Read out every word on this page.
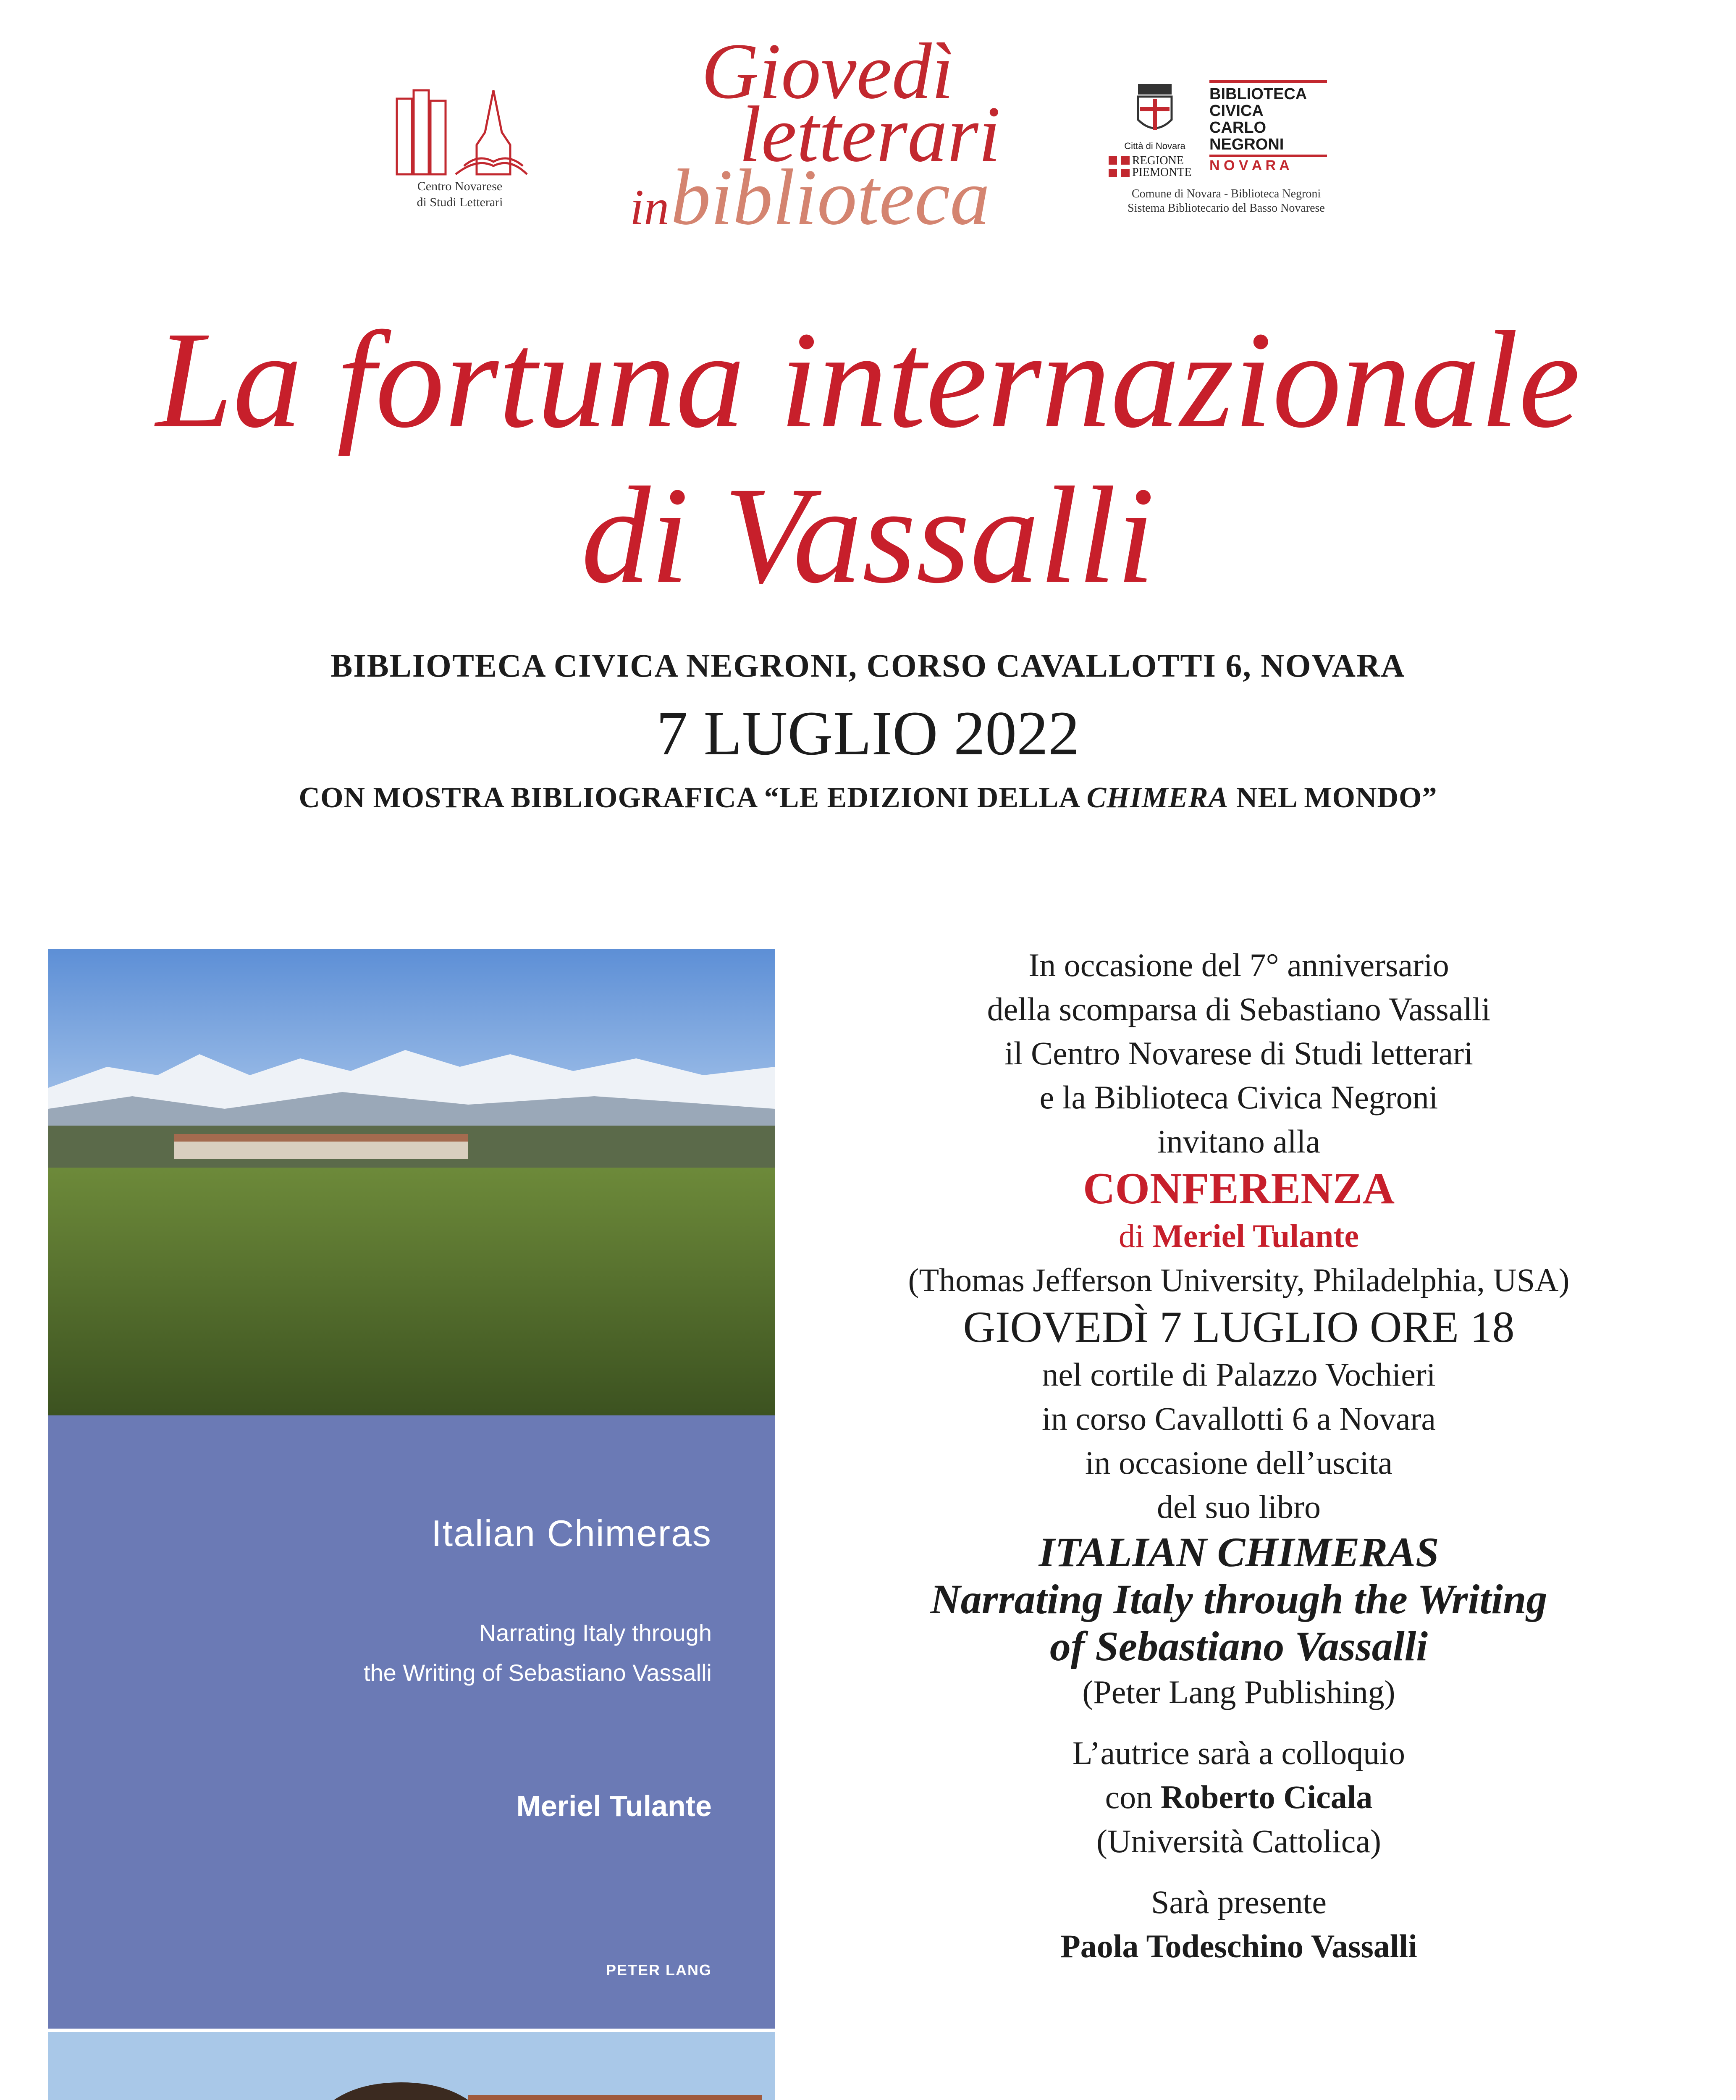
Centro Novarese
di Studi Letterari
Giovedì
letterari
in biblioteca
Città di Novara
REGIONE
PIEMONTE
BIBLIOTECA
CIVICA
CARLO
NEGRONI
N O V A R A
Comune di Novara - Biblioteca Negroni
Sistema Bibliotecario del Basso Novarese
La fortuna internazionale
di Vassalli
BIBLIOTECA CIVICA NEGRONI, CORSO CAVALLOTTI 6, NOVARA
7 LUGLIO 2022
CON MOSTRA BIBLIOGRAFICA “LE EDIZIONI DELLA CHIMERA NEL MONDO”
Italian Chimeras
Narrating Italy through
the Writing of Sebastiano Vassalli
Meriel Tulante
PETER LANG
In occasione del 7° anniversario
della scomparsa di Sebastiano Vassalli
il Centro Novarese di Studi letterari
e la Biblioteca Civica Negroni
invitano alla
CONFERENZA
di Meriel Tulante
(Thomas Jefferson University, Philadelphia, USA)
GIOVEDÌ 7 LUGLIO ORE 18
nel cortile di Palazzo Vochieri
in corso Cavallotti 6 a Novara
in occasione dell’uscita
del suo libro
ITALIAN CHIMERAS
Narrating Italy through the Writing
of Sebastiano Vassalli
(Peter Lang Publishing)
L’autrice sarà a colloquio
con Roberto Cicala
(Università Cattolica)
Sarà presente
Paola Todeschino Vassalli
